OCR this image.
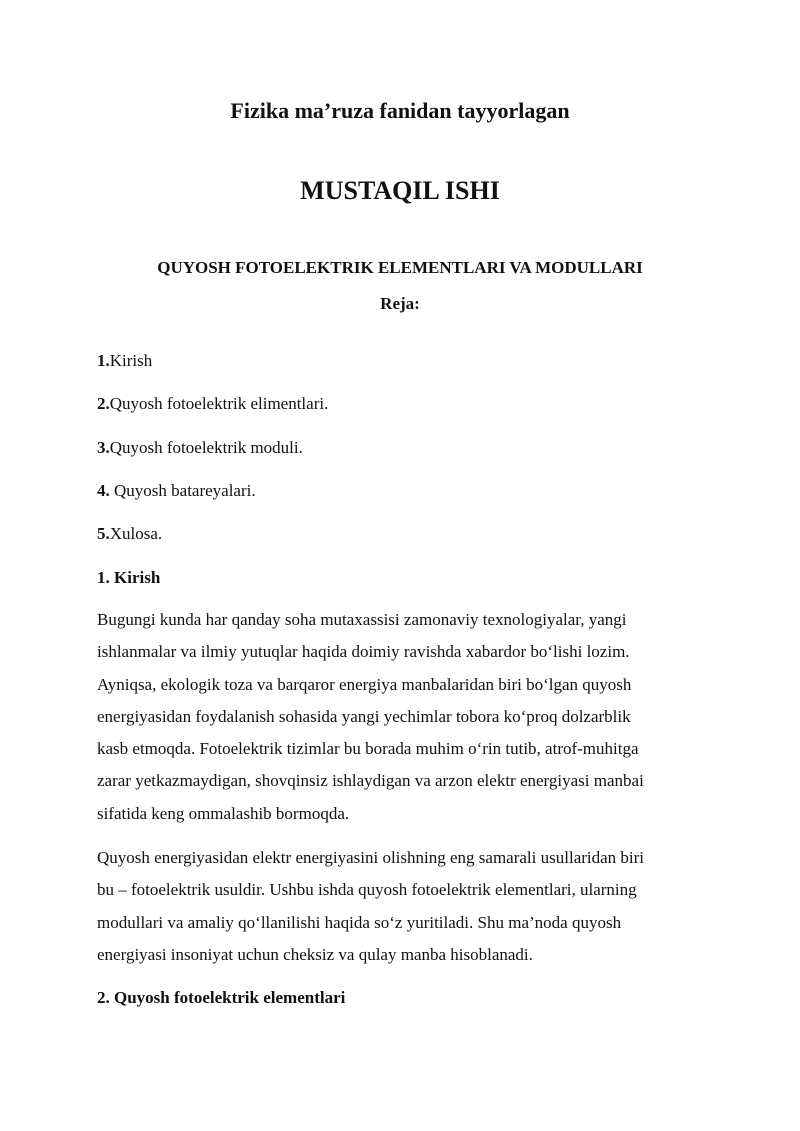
Fizika ma’ruza fanidan tayyorlagan
MUSTAQIL ISHI
QUYOSH FOTOELEKTRIK ELEMENTLARI VA MODULLARI
Reja:
1.Kirish
2.Quyosh fotoelektrik elimentlari.
3.Quyosh fotoelektrik moduli.
4. Quyosh batareyalari.
5.Xulosa.
1. Kirish

Bugungi kunda har qanday soha mutaxassisi zamonaviy texnologiyalar, yangi
ishlanmalar va ilmiy yutuqlar haqida doimiy ravishda xabardor bo‘lishi lozim.
Ayniqsa, ekologik toza va barqaror energiya manbalaridan biri bo‘lgan quyosh
energiyasidan foydalanish sohasida yangi yechimlar tobora ko‘proq dolzarblik
kasb etmoqda. Fotoelektrik tizimlar bu borada muhim o‘rin tutib, atrof-muhitga
zarar yetkazmaydigan, shovqinsiz ishlaydigan va arzon elektr energiyasi manbai
sifatida keng ommalashib bormoqda.

Quyosh energiyasidan elektr energiyasini olishning eng samarali usullaridan biri
bu – fotoelektrik usuldir. Ushbu ishda quyosh fotoelektrik elementlari, ularning
modullari va amaliy qo‘llanilishi haqida so‘z yuritiladi. Shu ma’noda quyosh
energiyasi insoniyat uchun cheksiz va qulay manba hisoblanadi.

2. Quyosh fotoelektrik elementlari
